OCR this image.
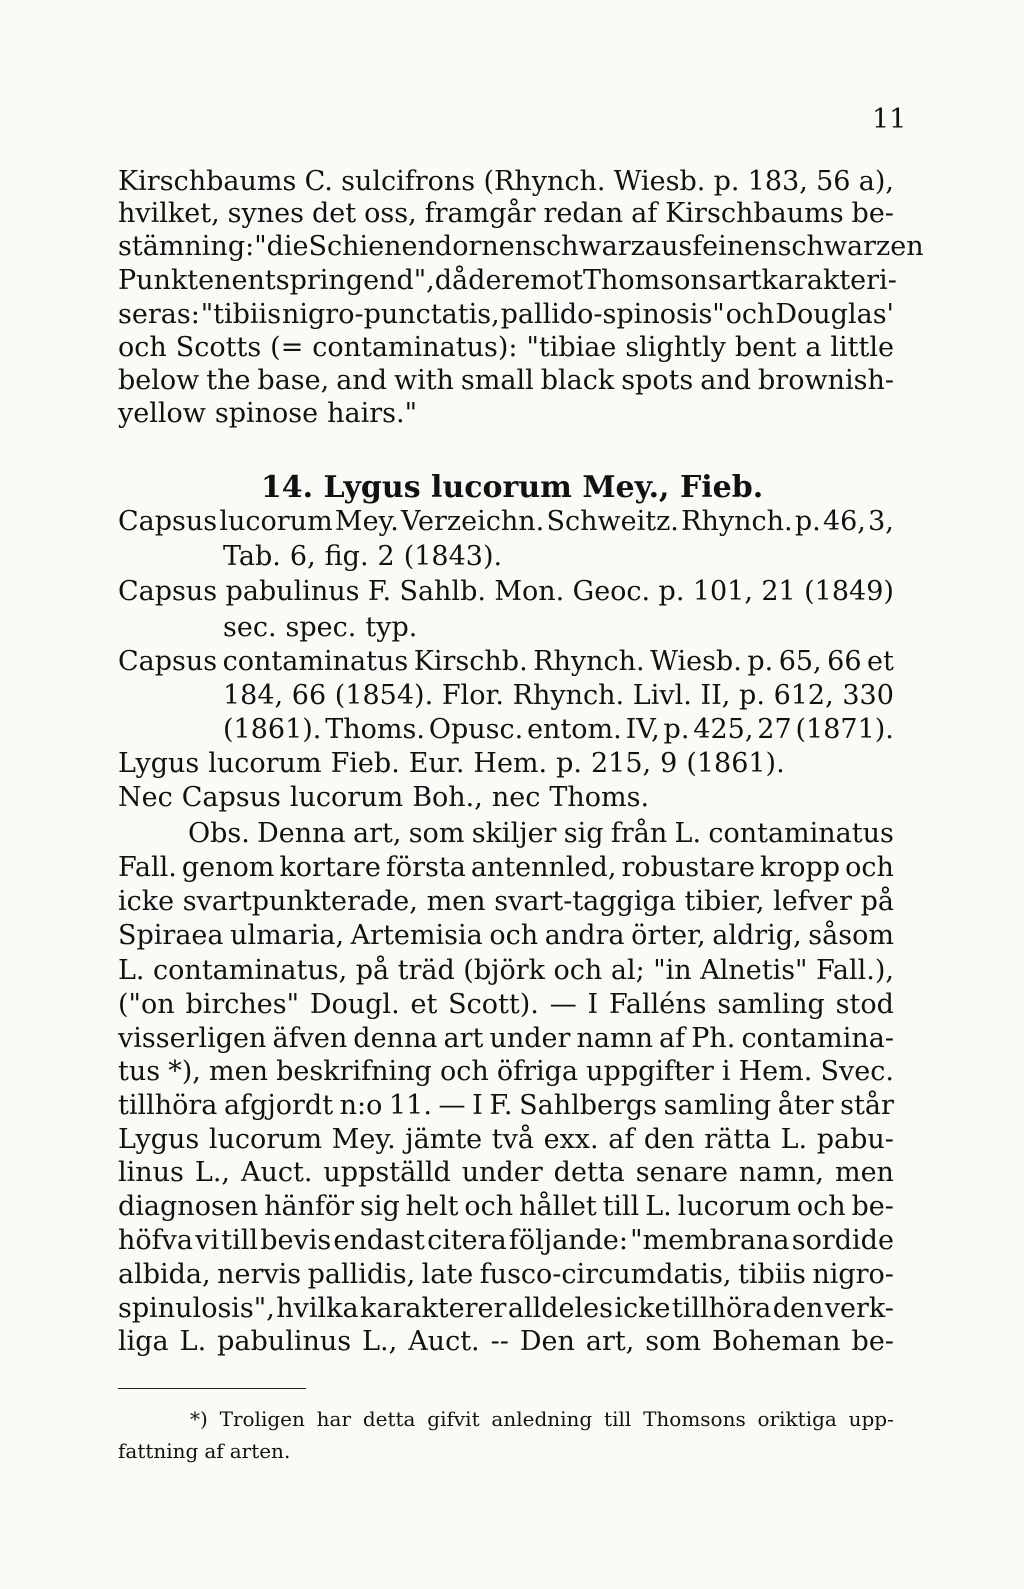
11
Kirschbaums C. sulcifrons (Rhynch. Wiesb. p. 183, 56 a),
hvilket, synes det oss, framgår redan af Kirschbaums be-
stämning: "die Schienendornen schwarz aus feinen schwarzen
Punkten entspringend", då deremot Thomsons art karakteri-
seras: "tibiis nigro-punctatis, pallido-spinosis" och Douglas'
och Scotts (= contaminatus): "tibiae slightly bent a little
below the base, and with small black spots and brownish-
yellow spinose hairs."
Capsus lucorum Mey. Verzeichn. Schweitz. Rhynch. p. 46, 3,
Tab. 6, fig. 2 (1843).
Capsus pabulinus F. Sahlb. Mon. Geoc. p. 101, 21 (1849)
sec. spec. typ.
Capsus contaminatus Kirschb. Rhynch. Wiesb. p. 65, 66 et
184, 66 (1854). Flor. Rhynch. Livl. II, p. 612, 330
(1861). Thoms. Opusc. entom. IV, p. 425, 27 (1871).
Lygus lucorum Fieb. Eur. Hem. p. 215, 9 (1861).
Nec Capsus lucorum Boh., nec Thoms.
Obs. Denna art, som skiljer sig från L. contaminatus
Fall. genom kortare första antennled, robustare kropp och
icke svartpunkterade, men svart-taggiga tibier, lefver på
Spiraea ulmaria, Artemisia och andra örter, aldrig, såsom
L. contaminatus, på träd (björk och al; "in Alnetis" Fall.),
("on birches" Dougl. et Scott). — I Falléns samling stod
visserligen äfven denna art under namn af Ph. contamina-
tus *), men beskrifning och öfriga uppgifter i Hem. Svec.
tillhöra afgjordt n:o 11. — I F. Sahlbergs samling åter står
Lygus lucorum Mey. jämte två exx. af den rätta L. pabu-
linus L., Auct. uppställd under detta senare namn, men
diagnosen hänför sig helt och hållet till L. lucorum och be-
höfva vi till bevis endast citera följande: "membrana sordide
albida, nervis pallidis, late fusco-circumdatis, tibiis nigro-
spinulosis", hvilka karakterer alldeles icke tillhöra den verk-
liga L. pabulinus L., Auct. -- Den art, som Boheman be-
14. Lygus lucorum Mey., Fieb.
*) Troligen har detta gifvit anledning till Thomsons oriktiga upp-
fattning af arten.
